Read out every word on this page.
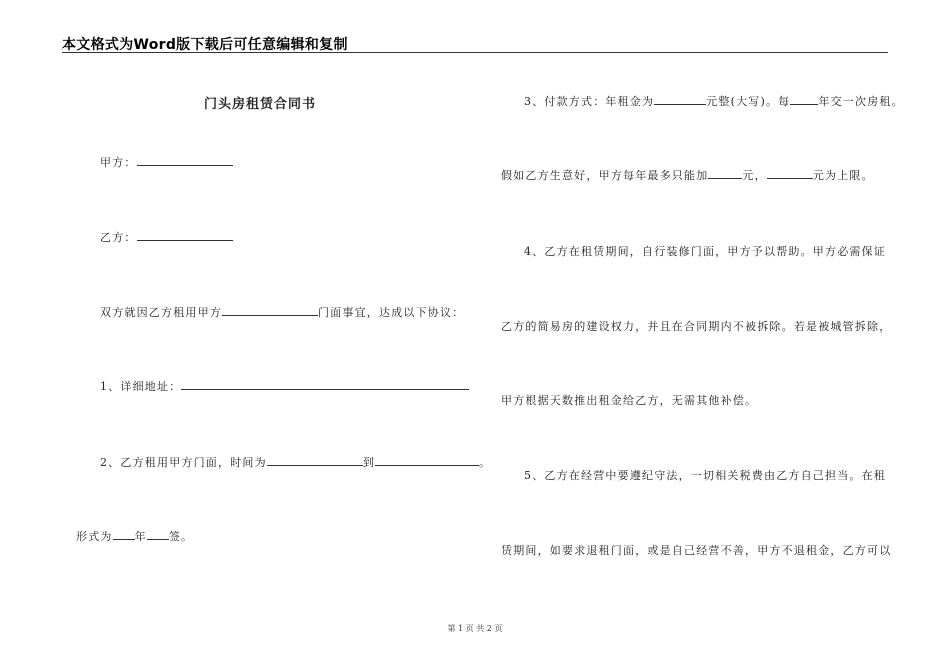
本文格式为Word版下载后可任意编辑和复制
门头房租赁合同书
甲方：
乙方：
双方就因乙方租用甲方	门面事宜，达成以下协议：
1、详细地址：
2、乙方租用甲方门面，时间为	到	。
形式为 年 签。
3、付款方式：年租金为	元整(大写)。每	年交一次房租。
假如乙方生意好，甲方每年最多只能加	元，	元为上限。
4、乙方在租赁期间，自行装修门面，甲方予以帮助。甲方必需保证
乙方的简易房的建设权力，并且在合同期内不被拆除。若是被城管拆除，
甲方根据天数推出租金给乙方，无需其他补偿。
5、乙方在经营中要遵纪守法，一切相关税费由乙方自己担当。在租
赁期间，如要求退租门面，或是自己经营不善，甲方不退租金，乙方可以
第 1 页 共 2 页
